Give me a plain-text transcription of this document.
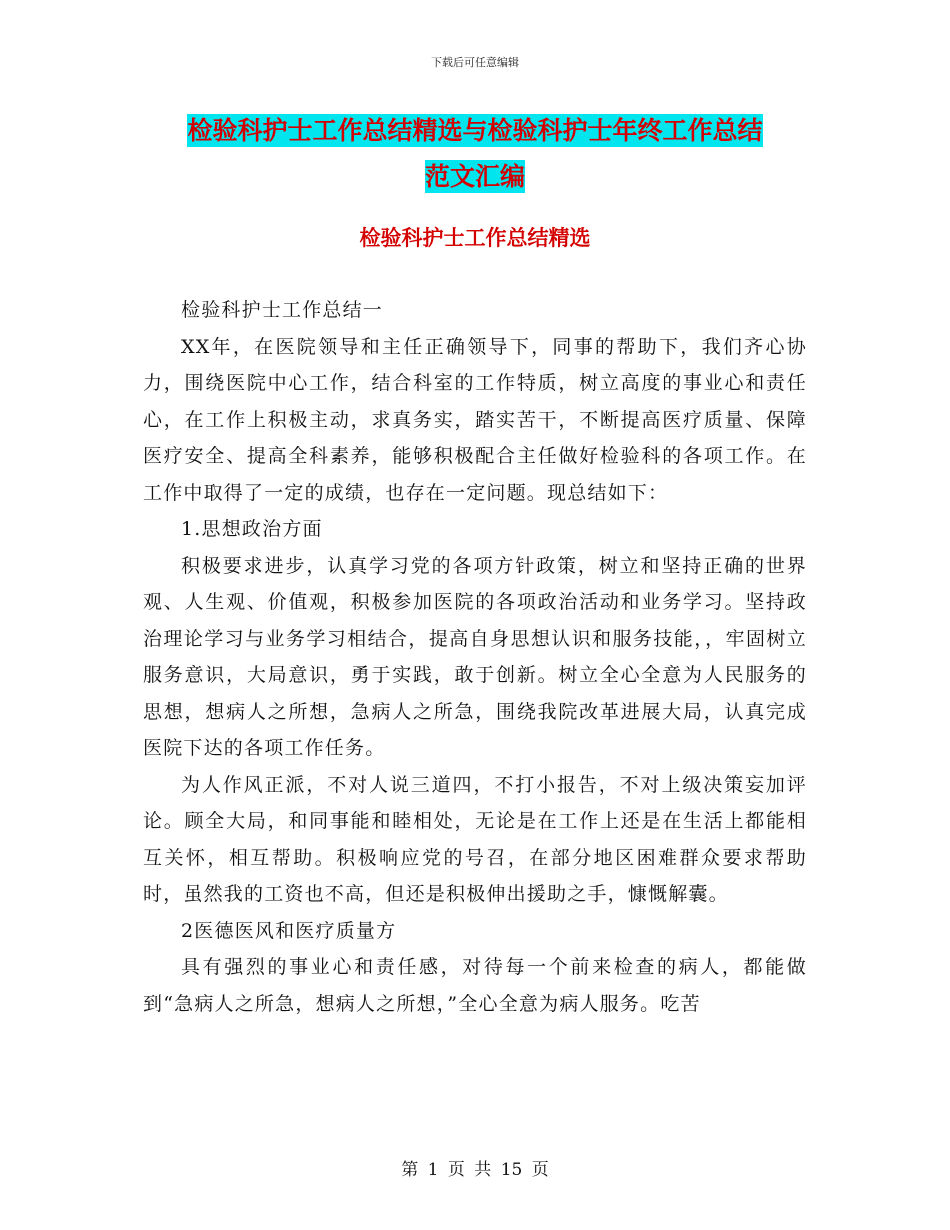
下载后可任意编辑
检验科护士工作总结精选与检验科护士年终工作总结
范文汇编
检验科护士工作总结精选

检验科护士工作总结一

XX年，在医院领导和主任正确领导下，同事的帮助下，我们齐心协力，围绕医院中心工作，结合科室的工作特质，树立高度的事业心和责任心，在工作上积极主动，求真务实，踏实苦干，不断提高医疗质量、保障医疗安全、提高全科素养，能够积极配合主任做好检验科的各项工作。在工作中取得了一定的成绩，也存在一定问题。现总结如下：

1.思想政治方面

积极要求进步，认真学习党的各项方针政策，树立和坚持正确的世界观、人生观、价值观，积极参加医院的各项政治活动和业务学习。坚持政治理论学习与业务学习相结合，提高自身思想认识和服务技能，，牢固树立服务意识，大局意识，勇于实践，敢于创新。树立全心全意为人民服务的思想，想病人之所想，急病人之所急，围绕我院改革进展大局，认真完成医院下达的各项工作任务。

为人作风正派，不对人说三道四，不打小报告，不对上级决策妄加评论。顾全大局，和同事能和睦相处，无论是在工作上还是在生活上都能相互关怀，相互帮助。积极响应党的号召，在部分地区困难群众要求帮助时，虽然我的工资也不高，但还是积极伸出援助之手，慷慨解囊。

2医德医风和医疗质量方

具有强烈的事业心和责任感，对待每一个前来检查的病人，都能做到“急病人之所急，想病人之所想，”全心全意为病人服务。吃苦

第 1 页 共 15 页
